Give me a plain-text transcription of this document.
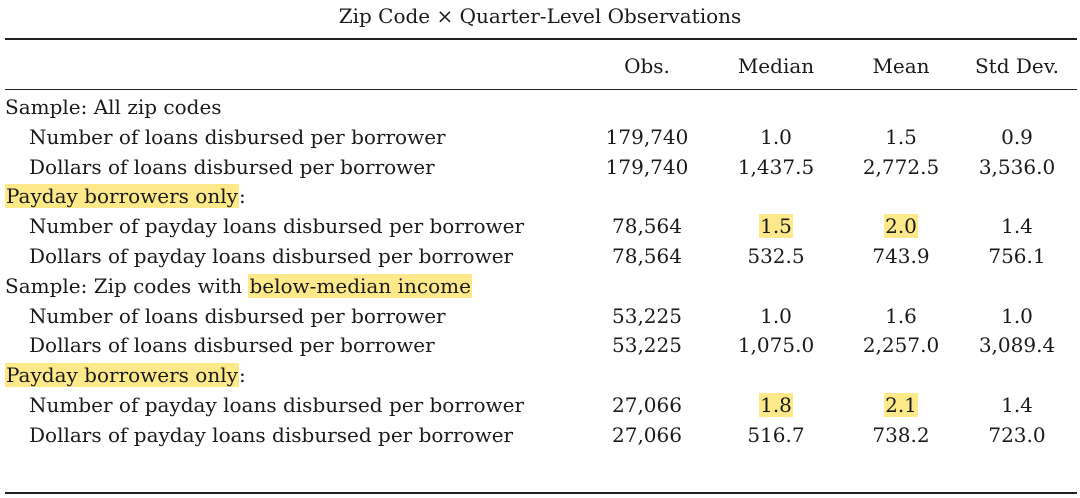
Zip Code × Quarter-Level Observations
	Obs.	Median	Mean	Std Dev.

Sample: All zip codes				
Number of loans disbursed per borrower	179,740	1.0	1.5	0.9
Dollars of loans disbursed per borrower	179,740	1,437.5	2,772.5	3,536.0
Payday borrowers only:				
Number of payday loans disbursed per borrower	78,564	1.5	2.0	1.4
Dollars of payday loans disbursed per borrower	78,564	532.5	743.9	756.1
Sample: Zip codes with below-median income				
Number of loans disbursed per borrower	53,225	1.0	1.6	1.0
Dollars of loans disbursed per borrower	53,225	1,075.0	2,257.0	3,089.4
Payday borrowers only:				
Number of payday loans disbursed per borrower	27,066	1.8	2.1	1.4
Dollars of payday loans disbursed per borrower	27,066	516.7	738.2	723.0
